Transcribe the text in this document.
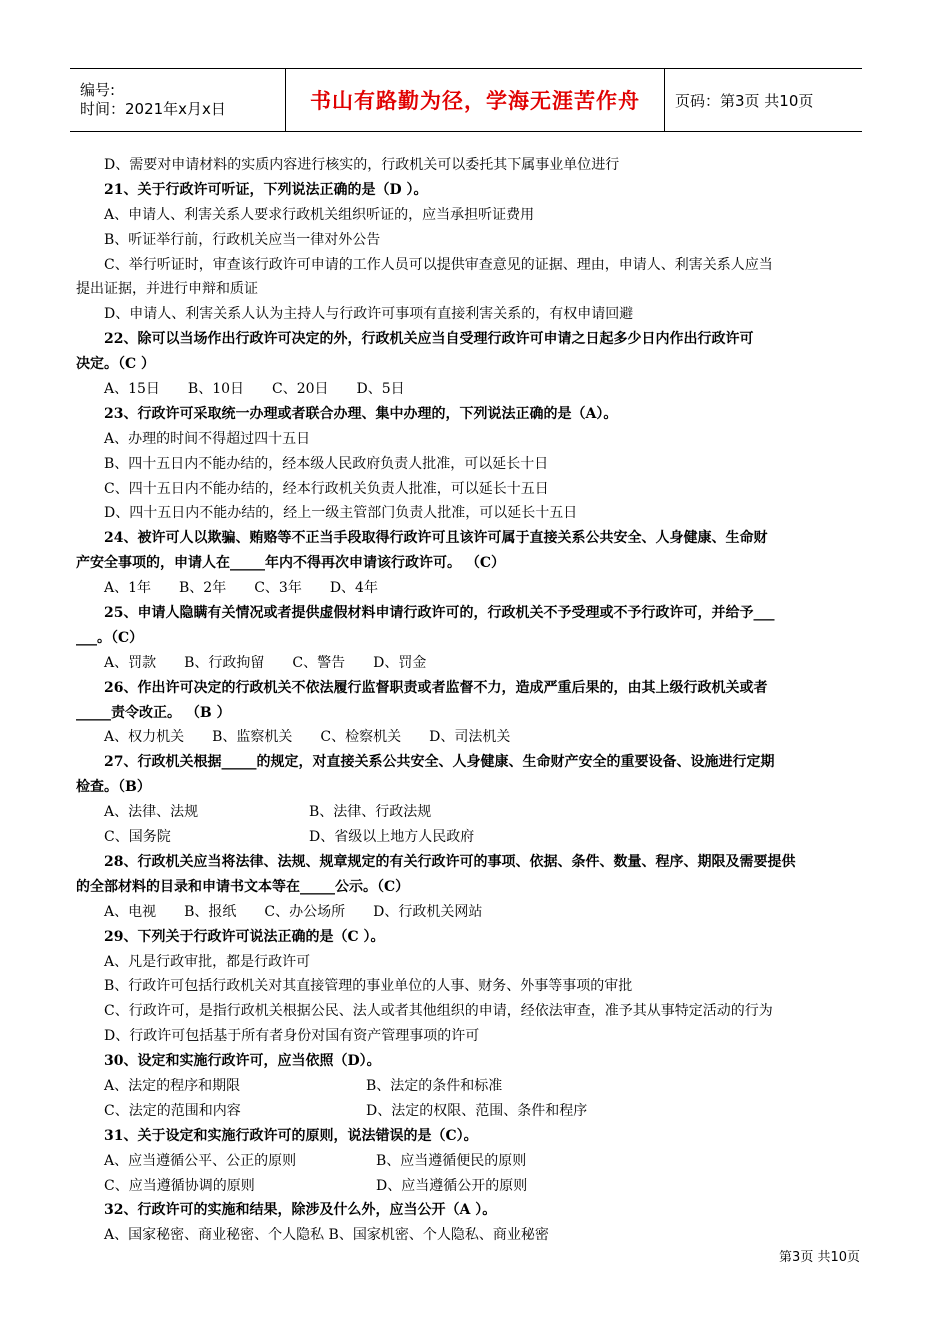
编号:
时间：2021年x月x日	书山有路勤为径，学海无涯苦作舟 页码：第3页 共10页
D、需要对申请材料的实质内容进行核实的，行政机关可以委托其下属事业单位进行
21、关于行政许可听证，下列说法正确的是（D ）。
A、申请人、利害关系人要求行政机关组织听证的，应当承担听证费用
B、听证举行前，行政机关应当一律对外公告
C、举行听证时，审查该行政许可申请的工作人员可以提供审查意见的证据、理由，申请人、利害关系人应当
提出证据，并进行申辩和质证
D、申请人、利害关系人认为主持人与行政许可事项有直接利害关系的，有权申请回避
22、除可以当场作出行政许可决定的外，行政机关应当自受理行政许可申请之日起多少日内作出行政许可
决定。（C ）
A、15日　　B、10日　　C、20日　　D、5日
23、行政许可采取统一办理或者联合办理、集中办理的，下列说法正确的是（A）。
A、办理的时间不得超过四十五日
B、四十五日内不能办结的，经本级人民政府负责人批准，可以延长十日
C、四十五日内不能办结的，经本行政机关负责人批准，可以延长十五日
D、四十五日内不能办结的，经上一级主管部门负责人批准，可以延长十五日
24、被许可人以欺骗、贿赂等不正当手段取得行政许可且该许可属于直接关系公共安全、人身健康、生命财
产安全事项的，申请人在_____年内不得再次申请该行政许可。 （C）
A、1年　　B、2年　　C、3年　　D、4年
25、申请人隐瞒有关情况或者提供虚假材料申请行政许可的，行政机关不予受理或不予行政许可，并给予___
___。（C）
A、罚款　　B、行政拘留　　C、警告　　D、罚金
26、作出许可决定的行政机关不依法履行监督职责或者监督不力，造成严重后果的，由其上级行政机关或者
_____责令改正。 （B ）
A、权力机关　　B、监察机关　　C、检察机关　　D、司法机关
27、行政机关根据_____的规定，对直接关系公共安全、人身健康、生命财产安全的重要设备、设施进行定期
检查。（B）
A、法律、法规	B、法律、行政法规
C、国务院	D、省级以上地方人民政府
28、行政机关应当将法律、法规、规章规定的有关行政许可的事项、依据、条件、数量、程序、期限及需要提供
的全部材料的目录和申请书文本等在_____公示。（C）
A、电视　　B、报纸　　C、办公场所　　D、行政机关网站
29、下列关于行政许可说法正确的是（C ）。
A、凡是行政审批，都是行政许可
B、行政许可包括行政机关对其直接管理的事业单位的人事、财务、外事等事项的审批
C、行政许可，是指行政机关根据公民、法人或者其他组织的申请，经依法审查，准予其从事特定活动的行为
D、行政许可包括基于所有者身份对国有资产管理事项的许可
30、设定和实施行政许可，应当依照（D）。
A、法定的程序和期限	B、法定的条件和标准
C、法定的范围和内容	D、法定的权限、范围、条件和程序
31、关于设定和实施行政许可的原则，说法错误的是（C）。
A、应当遵循公平、公正的原则	B、应当遵循便民的原则
C、应当遵循协调的原则	D、应当遵循公开的原则
32、行政许可的实施和结果，除涉及什么外，应当公开（A ）。
A、国家秘密、商业秘密、个人隐私 B、国家机密、个人隐私、商业秘密
第3页 共10页
